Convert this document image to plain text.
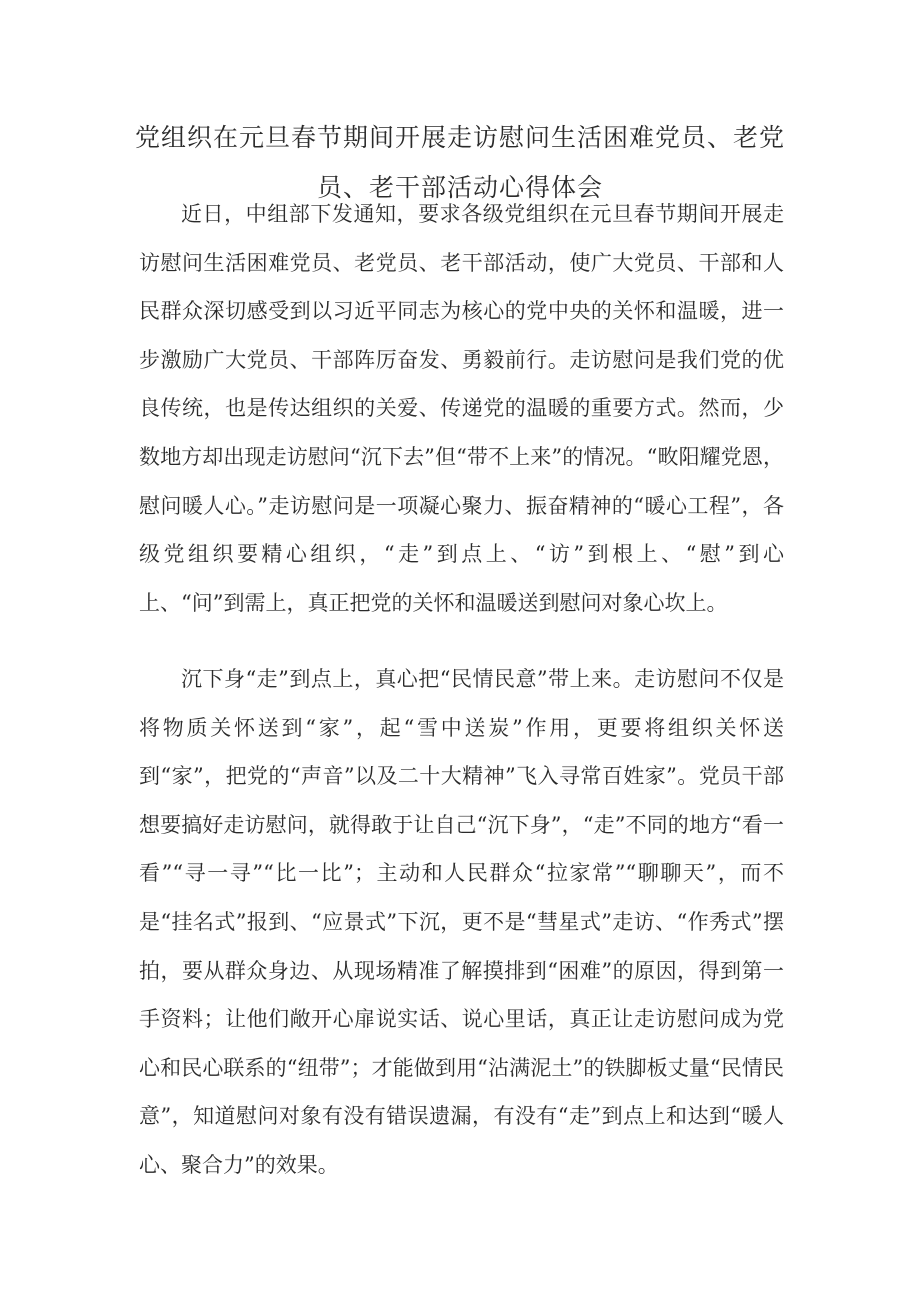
党组织在元旦春节期间开展走访慰问生活困难党员、老党
员、老干部活动心得体会

近日，中组部下发通知，要求各级党组织在元旦春节期间开展走访慰问生活困难党员、老党员、老干部活动，使广大党员、干部和人民群众深切感受到以习近平同志为核心的党中央的关怀和温暖，进一步激励广大党员、干部阵厉奋发、勇毅前行。走访慰问是我们党的优良传统，也是传达组织的关爱、传递党的温暖的重要方式。然而，少数地方却出现走访慰问“沉下去”但“带不上来”的情况。“畋阳耀党恩，慰问暖人心。”走访慰问是一项凝心聚力、振奋精神的“暖心工程”，各级党组织要精心组织，“走”到点上、“访”到根上、“慰”到心上、“问”到需上，真正把党的关怀和温暖送到慰问对象心坎上。

沉下身“走”到点上，真心把“民情民意”带上来。走访慰问不仅是将物质关怀送到“家”，起“雪中送炭”作用，更要将组织关怀送到“家”，把党的“声音”以及二十大精神”飞入寻常百姓家”。党员干部想要搞好走访慰问，就得敢于让自己“沉下身”，“走”不同的地方“看一看”“寻一寻”“比一比”；主动和人民群众“拉家常”“聊聊天”，而不是“挂名式”报到、“应景式”下沉，更不是“彗星式”走访、“作秀式”摆拍，要从群众身边、从现场精准了解摸排到“困难”的原因，得到第一手资料；让他们敞开心扉说实话、说心里话，真正让走访慰问成为党心和民心联系的“纽带”；才能做到用“沾满泥土”的铁脚板丈量“民情民意”，知道慰问对象有没有错误遗漏，有没有“走”到点上和达到“暖人心、聚合力”的效果。
